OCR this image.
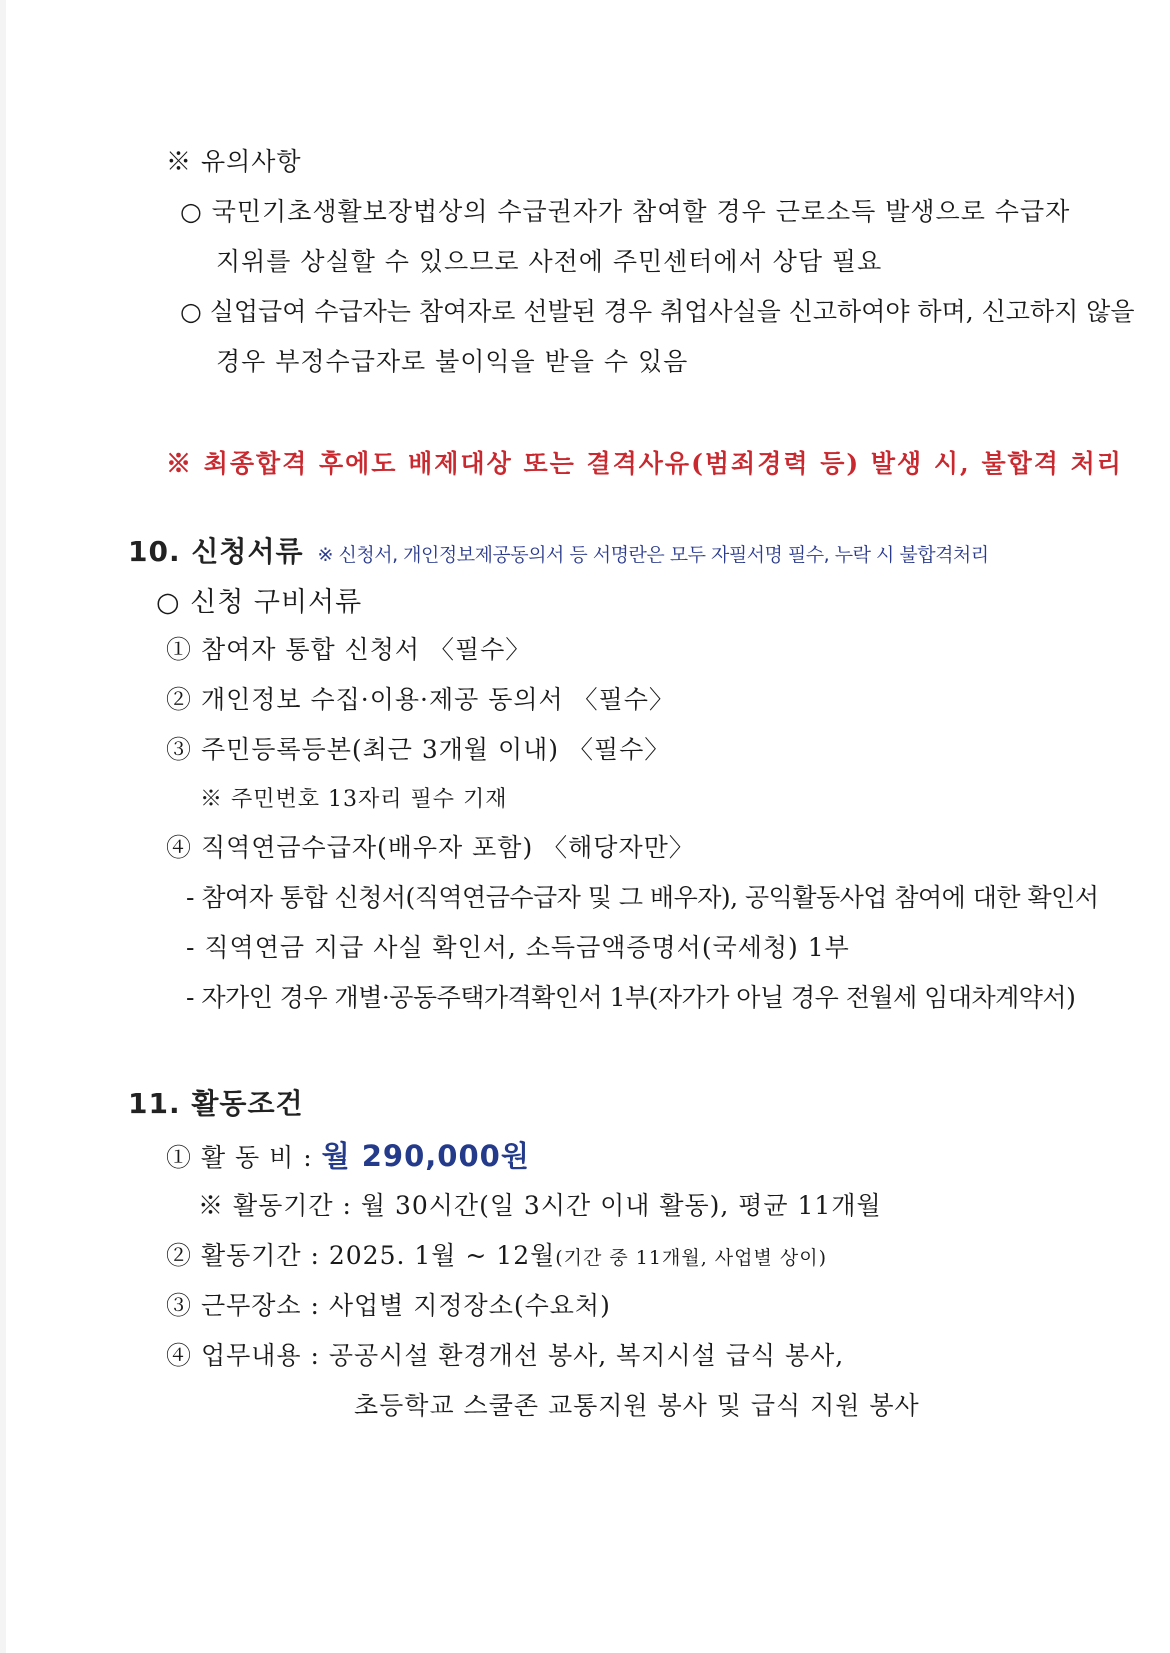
※ 유의사항
○ 국민기초생활보장법상의 수급권자가 참여할 경우 근로소득 발생으로 수급자
지위를 상실할 수 있으므로 사전에 주민센터에서 상담 필요
○ 실업급여 수급자는 참여자로 선발된 경우 취업사실을 신고하여야 하며, 신고하지 않을
경우 부정수급자로 불이익을 받을 수 있음
※ 최종합격 후에도 배제대상 또는 결격사유(범죄경력 등) 발생 시, 불합격 처리
10. 신청서류 ※ 신청서, 개인정보제공동의서 등 서명란은 모두 자필서명 필수, 누락 시 불합격처리
○ 신청 구비서류
① 참여자 통합 신청서 〈필수〉
② 개인정보 수집·이용·제공 동의서 〈필수〉
③ 주민등록등본(최근 3개월 이내) 〈필수〉
※ 주민번호 13자리 필수 기재
④ 직역연금수급자(배우자 포함) 〈해당자만〉
- 참여자 통합 신청서(직역연금수급자 및 그 배우자), 공익활동사업 참여에 대한 확인서
- 직역연금 지급 사실 확인서, 소득금액증명서(국세청) 1부
- 자가인 경우 개별·공동주택가격확인서 1부(자가가 아닐 경우 전월세 임대차계약서)
11. 활동조건
① 활 동 비 : 월 290,000원
※ 활동기간 : 월 30시간(일 3시간 이내 활동), 평균 11개월
② 활동기간 : 2025. 1월 ~ 12월(기간 중 11개월, 사업별 상이)
③ 근무장소 : 사업별 지정장소(수요처)
④ 업무내용 : 공공시설 환경개선 봉사, 복지시설 급식 봉사,
초등학교 스쿨존 교통지원 봉사 및 급식 지원 봉사
